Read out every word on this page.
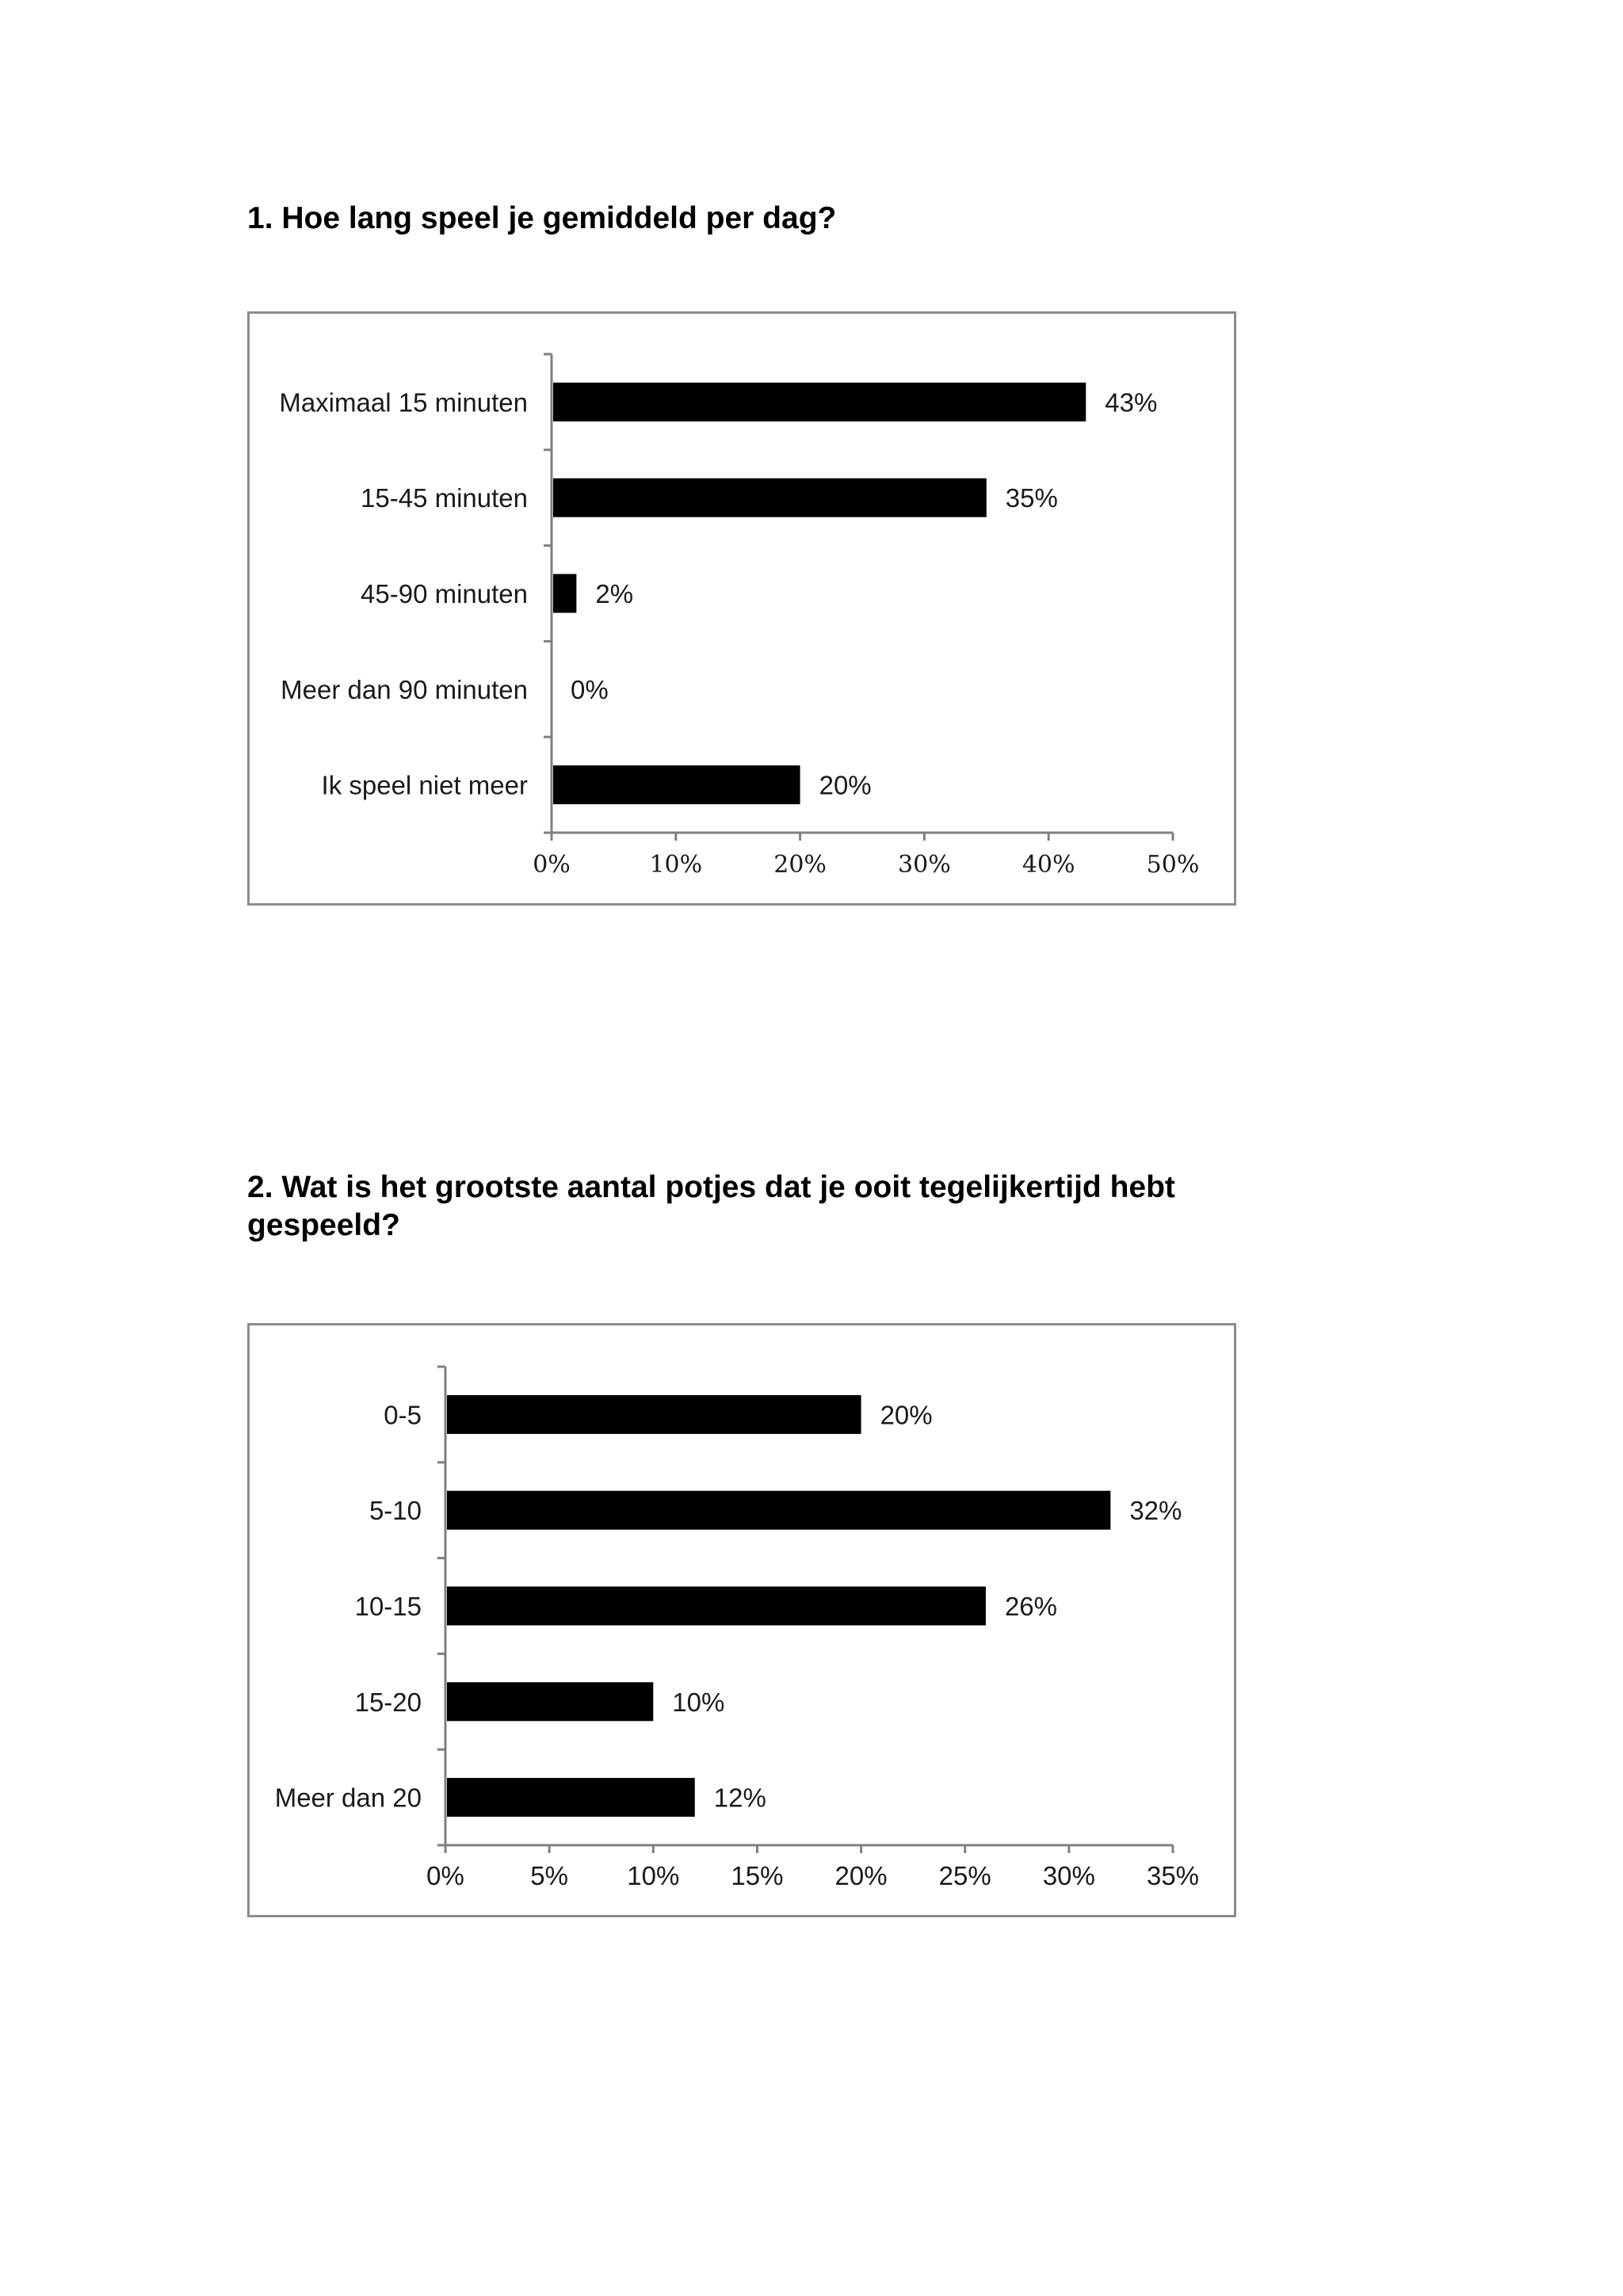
1. Hoe lang speel je gemiddeld per dag?
Maximaal 15 minuten	43%
15-45 minuten	35%
45-90 minuten	2%
Meer dan 90 minuten 0%
Ik speel niet meer	20%
0%	10%	20%	30%	40%	50%
2. Wat is het grootste aantal potjes dat je ooit tegelijkertijd hebt gespeeld?
0-5	20%
5-10	32%
10-15	26%
15-20	10%
Meer dan 20	12%
0%	5% 10% 15% 20% 25% 30% 35%
